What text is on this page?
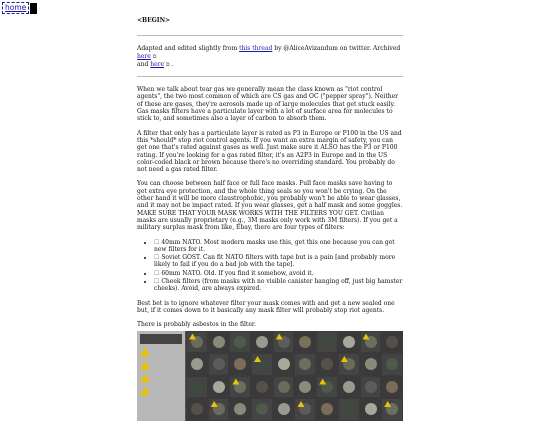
home
<BEGIN>

Adapted and edited slightly from this thread by @AliceAvizandum on twitter. Archived here ⧉
and here ⧉ .

When we talk about tear gas we generally mean the class known as "riot control agents", the two most common of which are CS gas and OC ("pepper spray"). Neither of these are gases, they're aerosols made up of large molecules that get stuck easily. Gas masks filters have a particulate layer with a lot of surface area for molecules to stick to, and sometimes also a layer of carbon to absorb them.

A filter that only has a particulate layer is rated as P3 in Europe or P100 in the US and this *should* stop riot control agents. If you want an extra margin of safety, you can get one that's rated against gases as well. Just make sure it ALSO has the P3 or P100 rating. If you're looking for a gas rated filter, it's an A2P3 in Europe and in the US color-coded black or brown because there's no overriding standard. You probably do not need a gas rated filter.

You can choose between half face or full face masks. Full face masks save having to get extra eye protection, and the whole thing seals so you won't be crying. On the other hand it will be more claustrophobic, you probably won't be able to wear glasses, and it may not be impact rated. If you wear glasses, get a half mask and some goggles. MAKE SURE THAT YOUR MASK WORKS WITH THE FILTERS YOU GET. Civilian masks are usually proprietary (e.g., 3M masks only work with 3M filters). If you get a military surplus mask from like, Ebay, there are four types of filters:

• ☐ 40mm NATO. Most modern masks use this, get this one because you can get new filters for it.
• ☐ Soviet GOST. Can fit NATO filters with tape but is a pain [and probably more likely to fail if you do a bad job with the tape].
• ☐ 60mm NATO. Old. If you find it somehow, avoid it.
• ☐ Cheek filters (from masks with no visible canister hanging off, just big hamster cheeks). Avoid, are always expired.

Best bet is to ignore whatever filter your mask comes with and get a new sealed one but, if it comes down to it basically any mask filter will probably stop riot agents.

There is probably asbestos in the filter.
